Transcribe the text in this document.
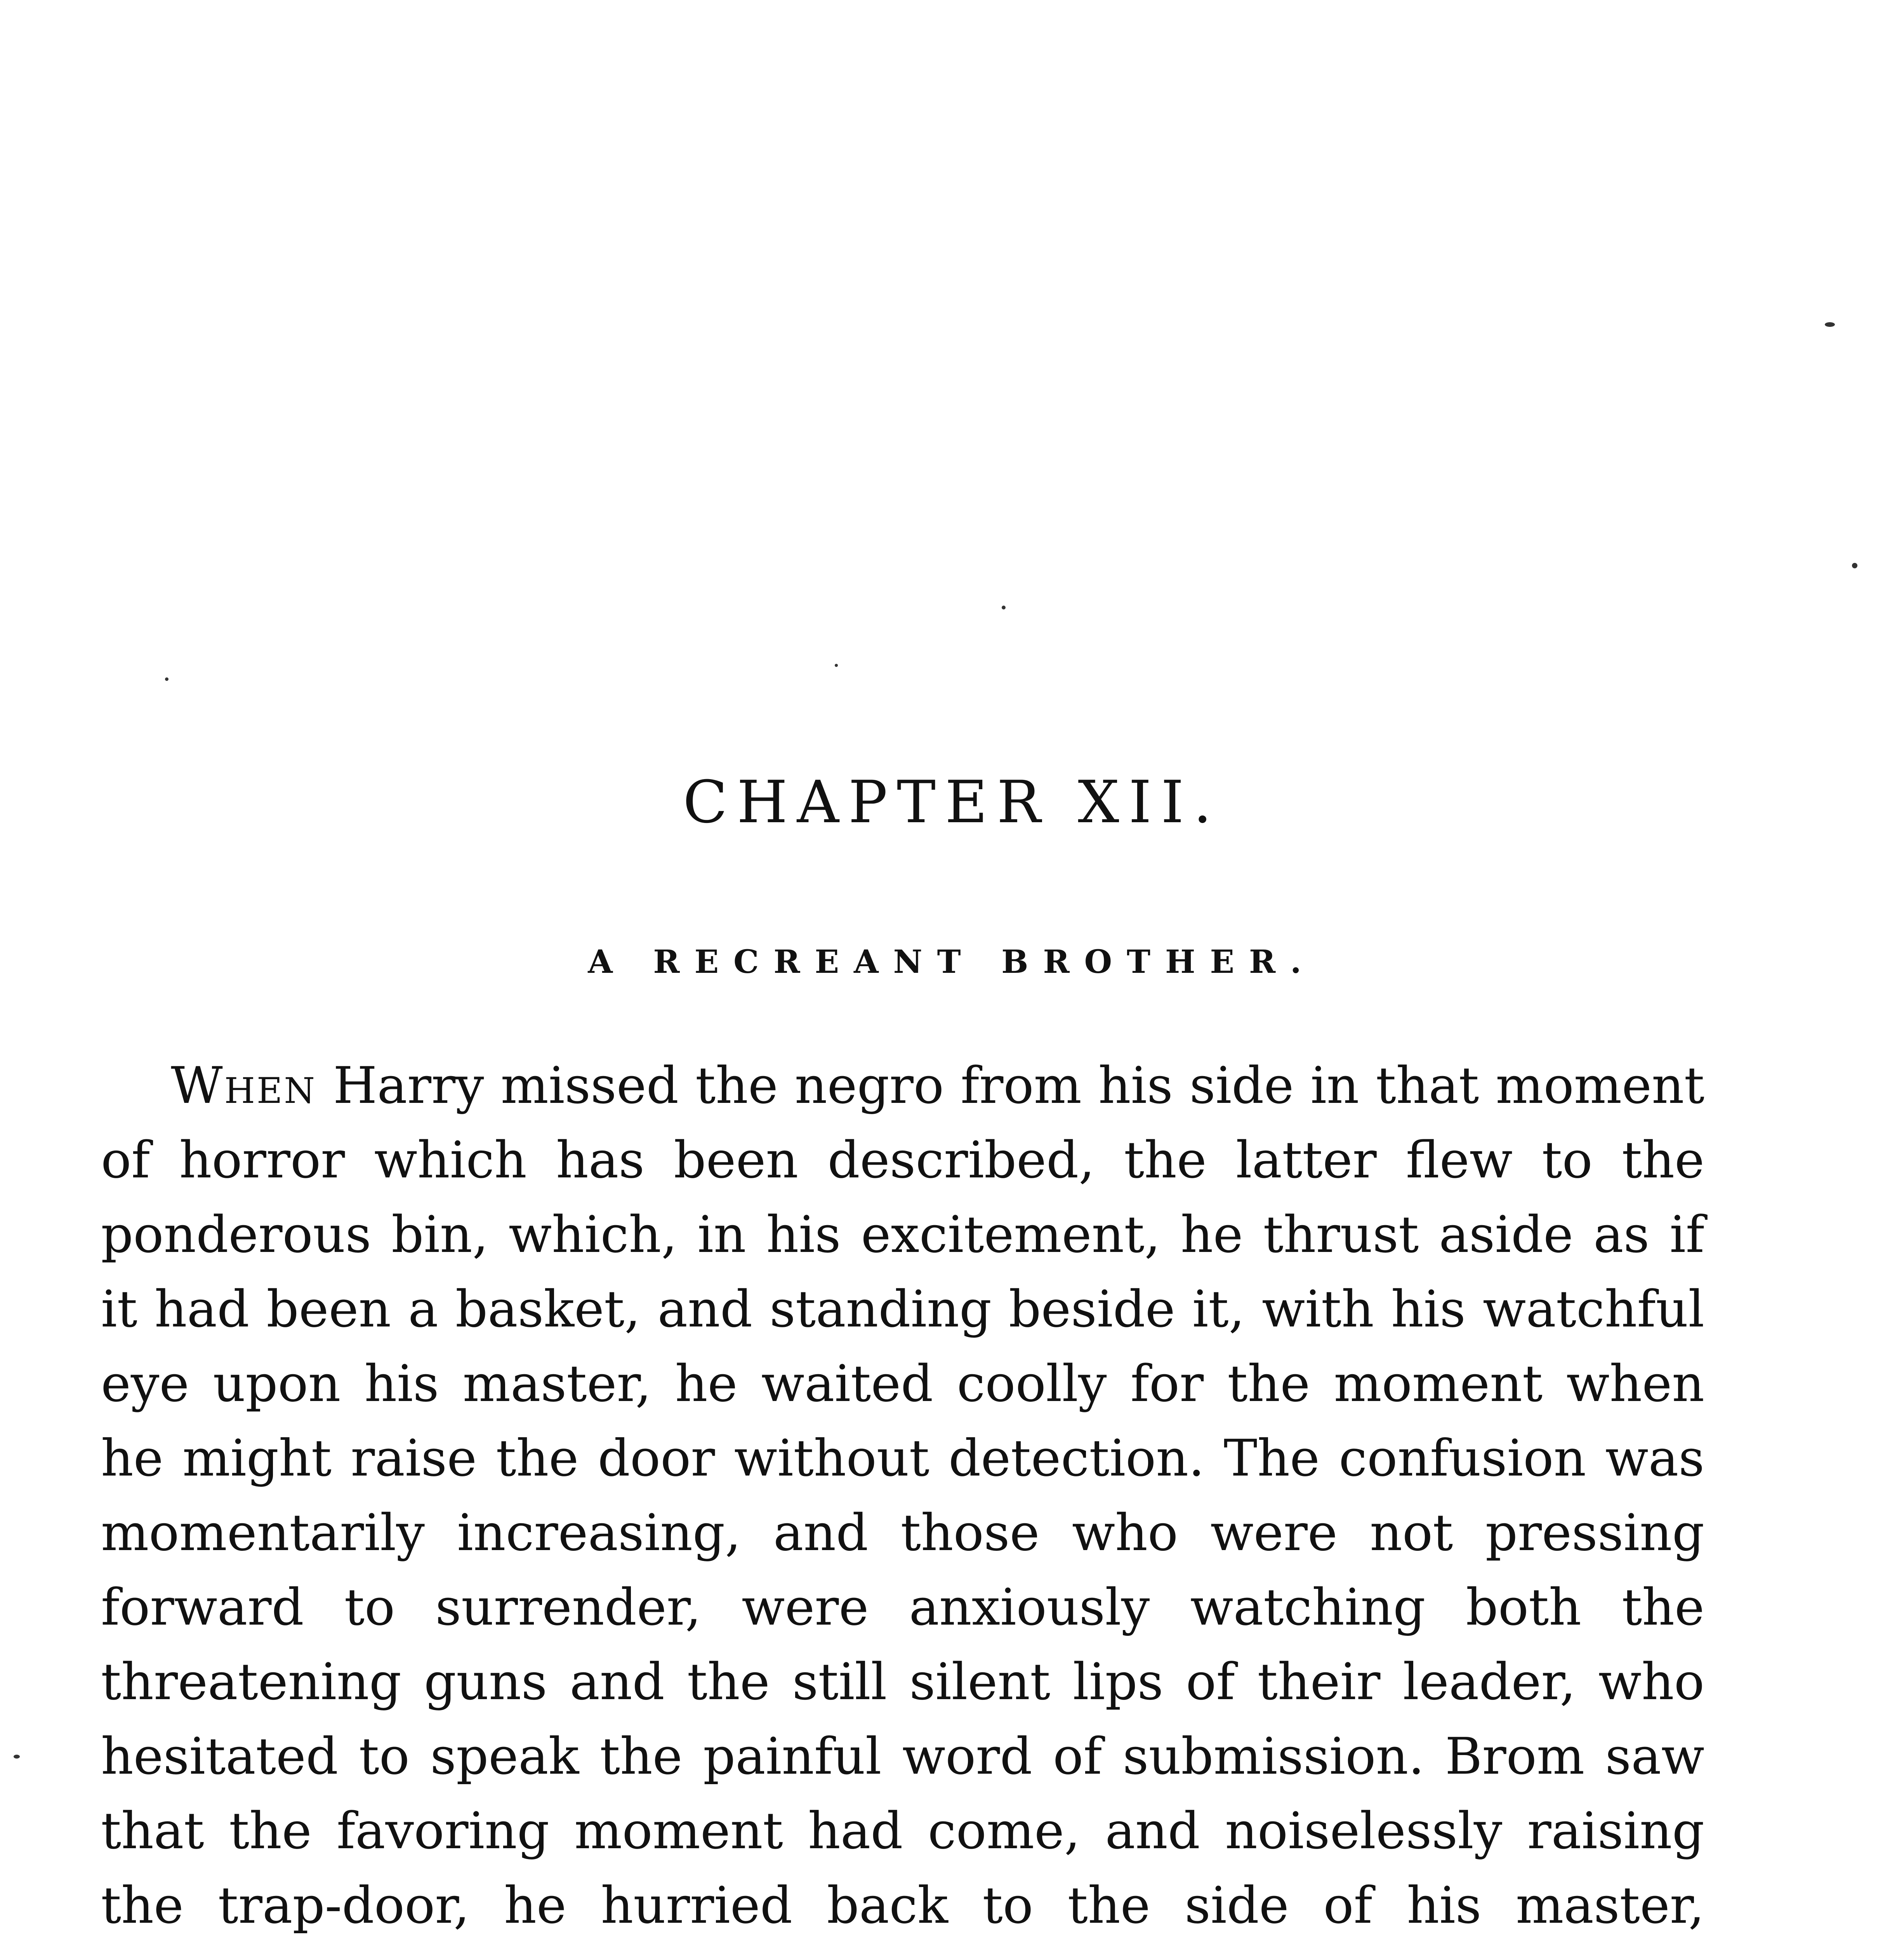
CHAPTER XII.
A RECREANT BROTHER.

When Harry missed the negro from his side in that moment of horror which has been described, the latter flew to the ponderous bin, which, in his excitement, he thrust aside as if it had been a basket, and standing beside it, with his watchful eye upon his master, he waited coolly for the moment when he might raise the door without detection. The confusion was momentarily increasing, and those who were not pressing forward to surrender, were anxiously watching both the threatening guns and the still silent lips of their leader, who hesitated to speak the painful word of submission. Brom saw that the favoring moment had come, and noiselessly raising the trap-door, he hurried back to the side of his master,
